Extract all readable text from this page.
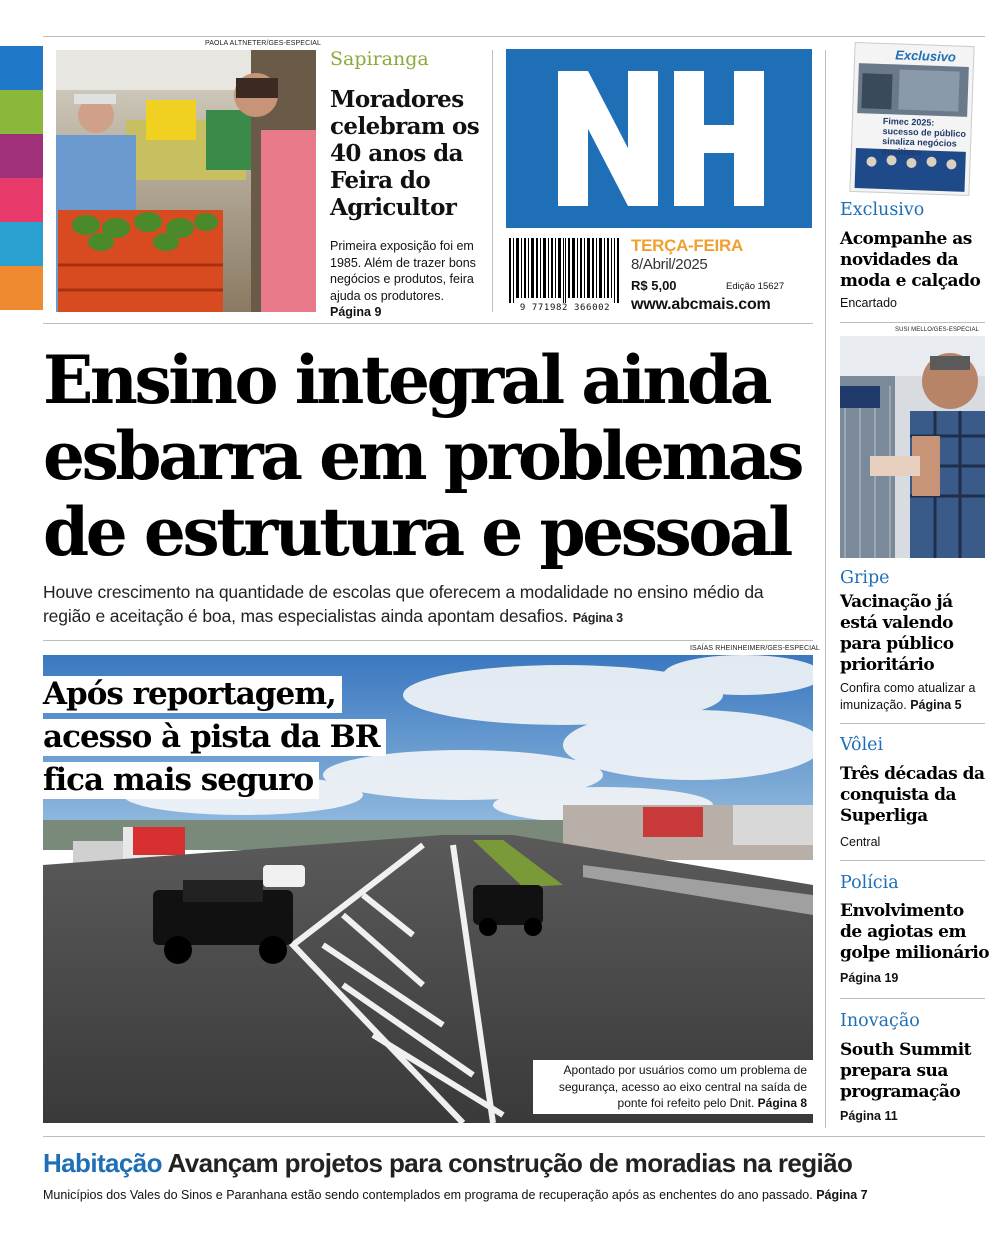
PAOLA ALTNETER/GES-ESPECIAL
Sapiranga
Moradores celebram os 40 anos da Feira do Agricultor
Primeira exposição foi em 1985. Além de trazer bons negócios e produtos, feira ajuda os produtores. Página 9	9 771982 366002
TERÇA-FEIRA
8/Abril/2025
R$ 5,00	Edição 15627
www.abcmais.com
Ensino integral ainda esbarra em problemas de estrutura e pessoal
Houve crescimento na quantidade de escolas que oferecem a modalidade no ensino médio da região e aceitação é boa, mas especialistas ainda apontam desafios. Página 3
ISAÍAS RHEINHEIMER/GES-ESPECIAL
Apontado por usuários como um problema de segurança, acesso ao eixo central na saída de ponte foi refeito pelo Dnit. Página 8
Após reportagem,
acesso à pista da BR
fica mais seguro
Exclusivo
Fimec 2025: sucesso de público sinaliza negócios positivos
Exclusivo
Acompanhe as novidades da moda e calçado
Encartado
SUSI MELLO/GES-ESPECIAL
Gripe
Vacinação já está valendo para público prioritário
Confira como atualizar a imunização. Página 5
Vôlei
Três décadas da conquista da Superliga
Central
Polícia
Envolvimento de agiotas em golpe milionário
Página 19
Inovação
South Summit prepara sua programação
Página 11
Habitação Avançam projetos para construção de moradias na região
Municípios dos Vales do Sinos e Paranhana estão sendo contemplados em programa de recuperação após as enchentes do ano passado. Página 7
